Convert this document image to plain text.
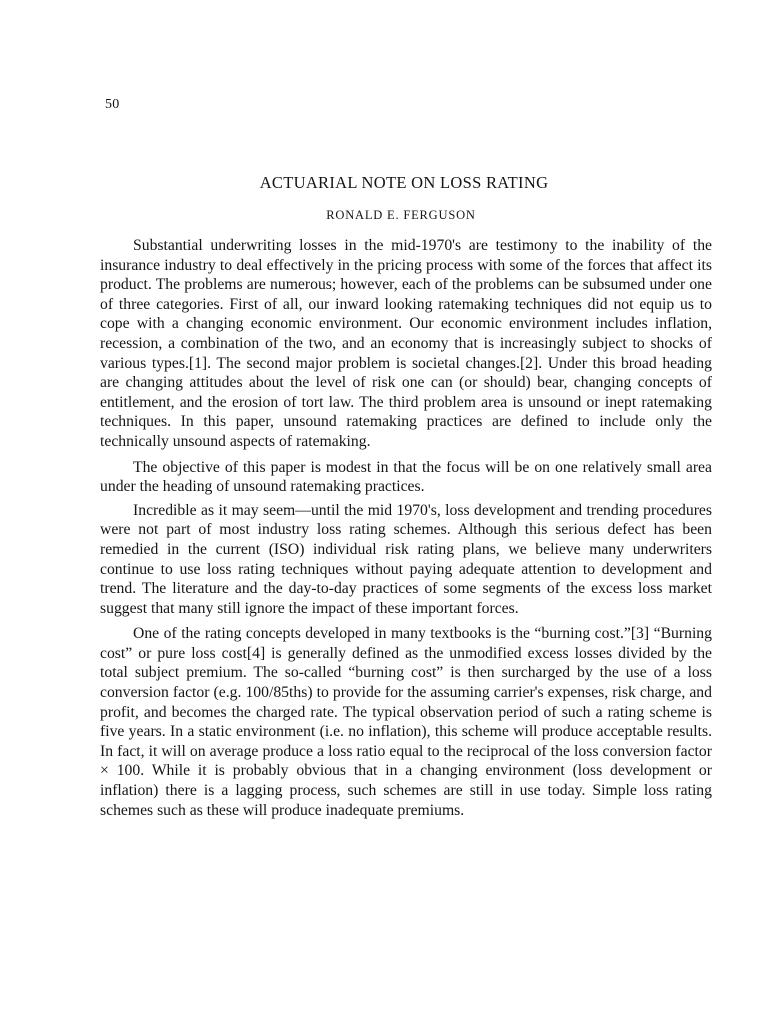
50
ACTUARIAL NOTE ON LOSS RATING
RONALD E. FERGUSON

Substantial underwriting losses in the mid-1970's are testimony to the inability of the insurance industry to deal effectively in the pricing process with some of the forces that affect its product. The problems are numerous; however, each of the problems can be subsumed under one of three categories. First of all, our inward looking ratemaking techniques did not equip us to cope with a changing economic environment. Our economic environment includes inflation, recession, a combination of the two, and an economy that is increasingly subject to shocks of various types.[1]. The second major problem is societal changes.[2]. Under this broad heading are changing attitudes about the level of risk one can (or should) bear, changing concepts of entitlement, and the erosion of tort law. The third problem area is unsound or inept ratemaking techniques. In this paper, unsound ratemaking practices are defined to include only the technically unsound aspects of ratemaking.

The objective of this paper is modest in that the focus will be on one relatively small area under the heading of unsound ratemaking practices.

Incredible as it may seem—until the mid 1970's, loss development and trending procedures were not part of most industry loss rating schemes. Although this serious defect has been remedied in the current (ISO) individual risk rating plans, we believe many underwriters continue to use loss rating techniques without paying adequate attention to development and trend. The literature and the day-to-day practices of some segments of the excess loss market suggest that many still ignore the impact of these important forces.

One of the rating concepts developed in many textbooks is the “burning cost.”[3] “Burning cost” or pure loss cost[4] is generally defined as the unmodified excess losses divided by the total subject premium. The so-called “burning cost” is then surcharged by the use of a loss conversion factor (e.g. 100/85ths) to provide for the assuming carrier's expenses, risk charge, and profit, and becomes the charged rate. The typical observation period of such a rating scheme is five years. In a static environment (i.e. no inflation), this scheme will produce acceptable results. In fact, it will on average produce a loss ratio equal to the reciprocal of the loss conversion factor × 100. While it is probably obvious that in a changing environment (loss development or inflation) there is a lagging process, such schemes are still in use today. Simple loss rating schemes such as these will produce inadequate premiums.
